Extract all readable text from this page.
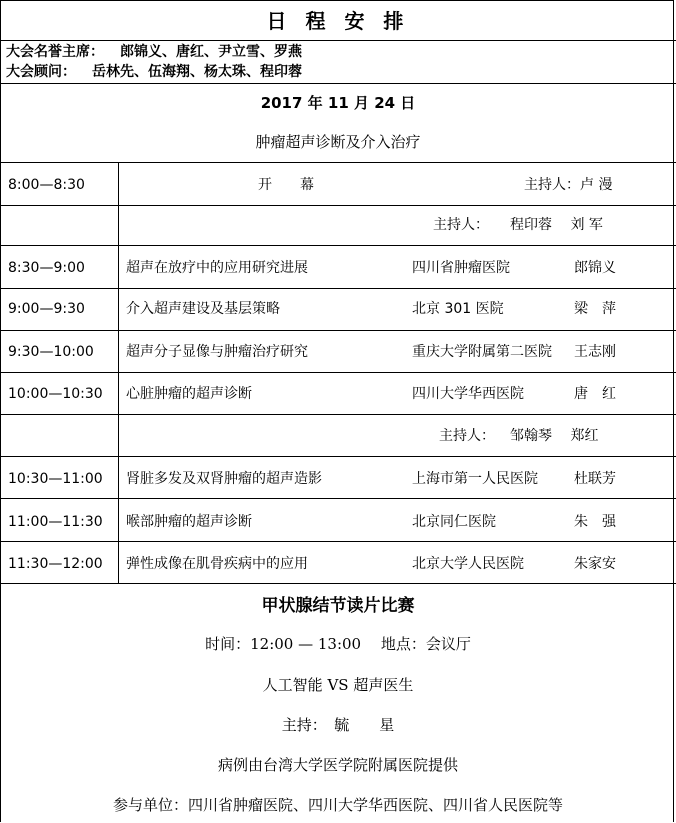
日 程 安 排
大会名誉主席： 郎锦义、唐红、尹立雪、罗燕
大会顾问： 岳林先、伍海翔、杨太珠、程印蓉
2017 年 11 月 24 日
肿瘤超声诊断及介入治疗
8:00—8:30	开　　幕	主持人：卢 漫
主持人： 程印蓉　 刘 军
8:30—9:00	超声在放疗中的应用研究进展	四川省肿瘤医院	郎锦义
9:00—9:30	介入超声建设及基层策略	北京 301 医院	梁　萍
9:30—10:00 超声分子显像与肿瘤治疗研究	重庆大学附属第二医院 王志刚
10:00—10:30 心脏肿瘤的超声诊断	四川大学华西医院	唐　红
主持人： 邹翰琴　 郑红
10:30—11:00 肾脏多发及双肾肿瘤的超声造影	上海市第一人民医院	杜联芳
11:00—11:30 喉部肿瘤的超声诊断	北京同仁医院	朱　强
11:30—12:00 弹性成像在肌骨疾病中的应用	北京大学人民医院	朱家安
甲状腺结节读片比赛
时间：12:00 — 13:00　 地点：会议厅
人工智能 VS 超声医生
主持：　毓　　星
病例由台湾大学医学院附属医院提供
参与单位：四川省肿瘤医院、四川大学华西医院、四川省人民医院等
